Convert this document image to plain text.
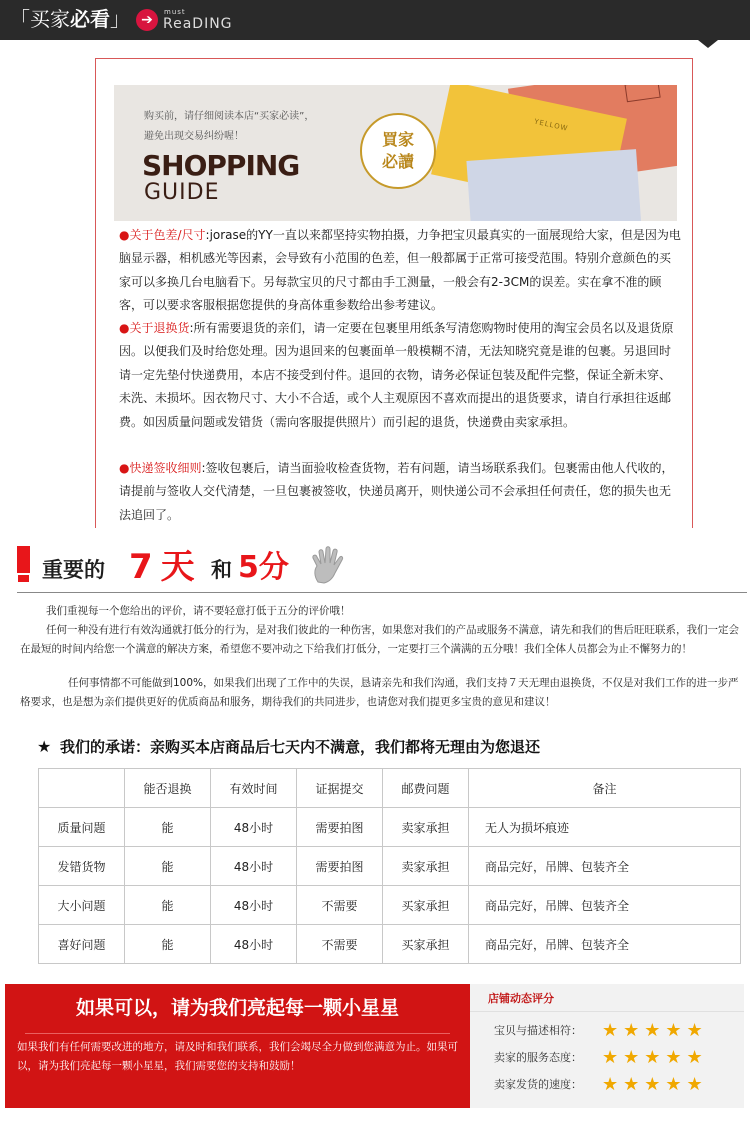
「买家必看」 ➔	must
ReaDING
YELLOW
购买前，请仔细阅读本店“买家必读”，
避免出现交易纠纷喔！
SHOPPING
GUIDE
買家
必讀

●关于色差/尺寸:jorase的YY一直以来都坚持实物拍摄，力争把宝贝最真实的一面展现给大家，但是因为电脑显示器，相机感光等因素，会导致有小范围的色差，但一般都属于正常可接受范围。特别介意颜色的买家可以多换几台电脑看下。另每款宝贝的尺寸都由手工测量，一般会有2-3CM的误差。实在拿不准的顾客，可以要求客服根据您提供的身高体重参数给出参考建议。

●关于退换货:所有需要退货的亲们，请一定要在包裹里用纸条写清您购物时使用的淘宝会员名以及退货原因。以便我们及时给您处理。因为退回来的包裹面单一般模糊不清，无法知晓究竟是谁的包裹。另退回时请一定先垫付快递费用，本店不接受到付件。退回的衣物，请务必保证包装及配件完整，保证全新未穿、未洗、未损坏。因衣物尺寸、大小不合适，或个人主观原因不喜欢而提出的退货要求，请自行承担往返邮费。如因质量问题或发错货（需向客服提供照片）而引起的退货，快递费由卖家承担。

●快递签收细则:签收包裹后，请当面验收检查货物，若有问题，请当场联系我们。包裹需由他人代收的，请提前与签收人交代清楚，一旦包裹被签收，快递员离开，则快递公司不会承担任何责任，您的损失也无法追回了。

重要的 7天 和 5分

我们重视每一个您给出的评价，请不要轻意打低于五分的评价哦！

任何一种没有进行有效沟通就打低分的行为，是对我们彼此的一种伤害，如果您对我们的产品或服务不满意，请先和我们的售后旺旺联系，我们一定会在最短的时间内给您一个满意的解决方案，希望您不要冲动之下给我们打低分，一定要打三个满满的五分哦！我们全体人员都会为止不懈努力的！

任何事情都不可能做到100%，如果我们出现了工作中的失误，恳请亲先和我们沟通，我们支持７天无理由退换货，不仅是对我们工作的进一步严格要求，也是想为亲们提供更好的优质商品和服务，期待我们的共同进步，也请您对我们提更多宝贵的意见和建议！

★ 我们的承诺：亲购买本店商品后七天内不满意，我们都将无理由为您退还
	能否退换	有效时间	证据提交	邮费问题	备注
质量问题	能	48小时	需要拍图	卖家承担	无人为损坏痕迹
发错货物	能	48小时	需要拍图	卖家承担	商品完好，吊牌、包装齐全
大小问题	能	48小时	不需要	买家承担	商品完好，吊牌、包装齐全
喜好问题	能	48小时	不需要	买家承担	商品完好，吊牌、包装齐全
如果可以，请为我们亮起每一颗小星星

如果我们有任何需要改进的地方，请及时和我们联系，我们会竭尽全力做到您满意为止。如果可以，请为我们亮起每一颗小星星，我们需要您的支持和鼓励！

店铺动态评分
宝贝与描述相符： ★★★★★
卖家的服务态度： ★★★★★
卖家发货的速度： ★★★★★
